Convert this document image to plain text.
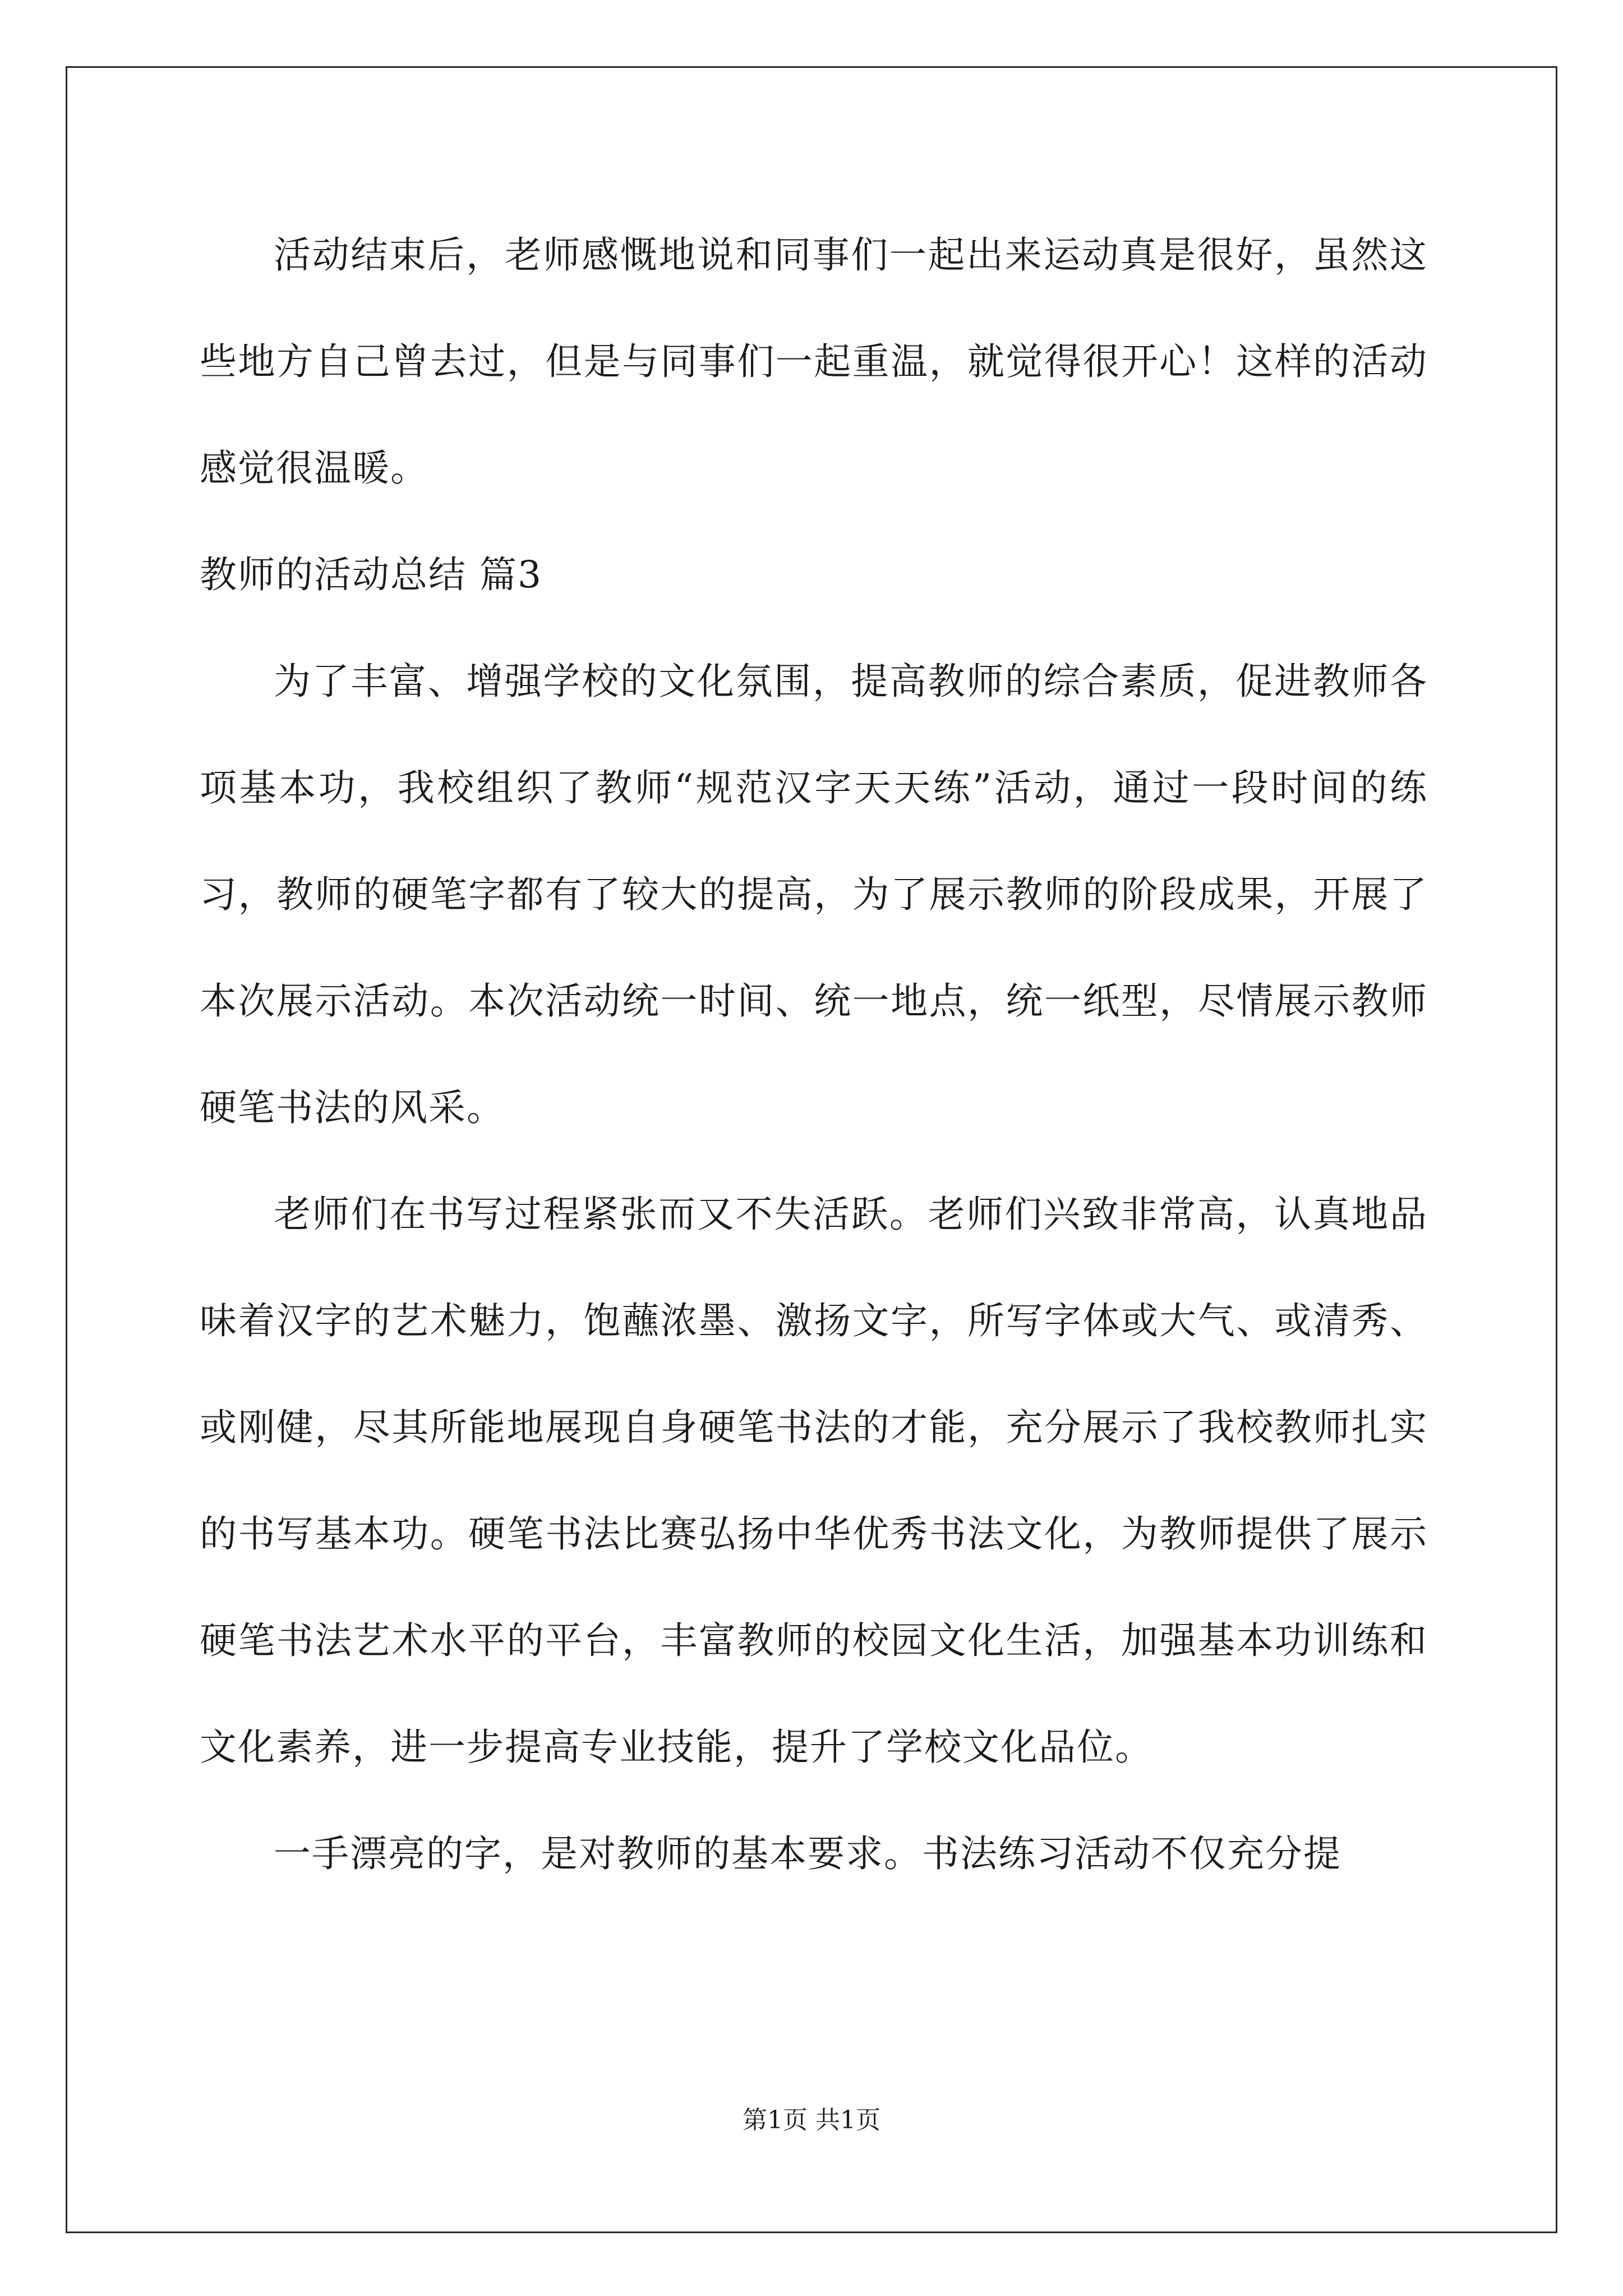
活动结束后，老师感慨地说和同事们一起出来运动真是很好，虽然这些地方自己曾去过，但是与同事们一起重温，就觉得很开心！这样的活动感觉很温暖。

教师的活动总结 篇3

为了丰富、增强学校的文化氛围，提高教师的综合素质，促进教师各项基本功，我校组织了教师“规范汉字天天练”活动，通过一段时间的练习，教师的硬笔字都有了较大的提高，为了展示教师的阶段成果，开展了本次展示活动。本次活动统一时间、统一地点，统一纸型，尽情展示教师硬笔书法的风采。

老师们在书写过程紧张而又不失活跃。老师们兴致非常高，认真地品味着汉字的艺术魅力，饱蘸浓墨、激扬文字，所写字体或大气、或清秀、或刚健，尽其所能地展现自身硬笔书法的才能，充分展示了我校教师扎实的书写基本功。硬笔书法比赛弘扬中华优秀书法文化，为教师提供了展示硬笔书法艺术水平的平台，丰富教师的校园文化生活，加强基本功训练和文化素养，进一步提高专业技能，提升了学校文化品位。

一手漂亮的字，是对教师的基本要求。书法练习活动不仅充分提

第1页 共1页
